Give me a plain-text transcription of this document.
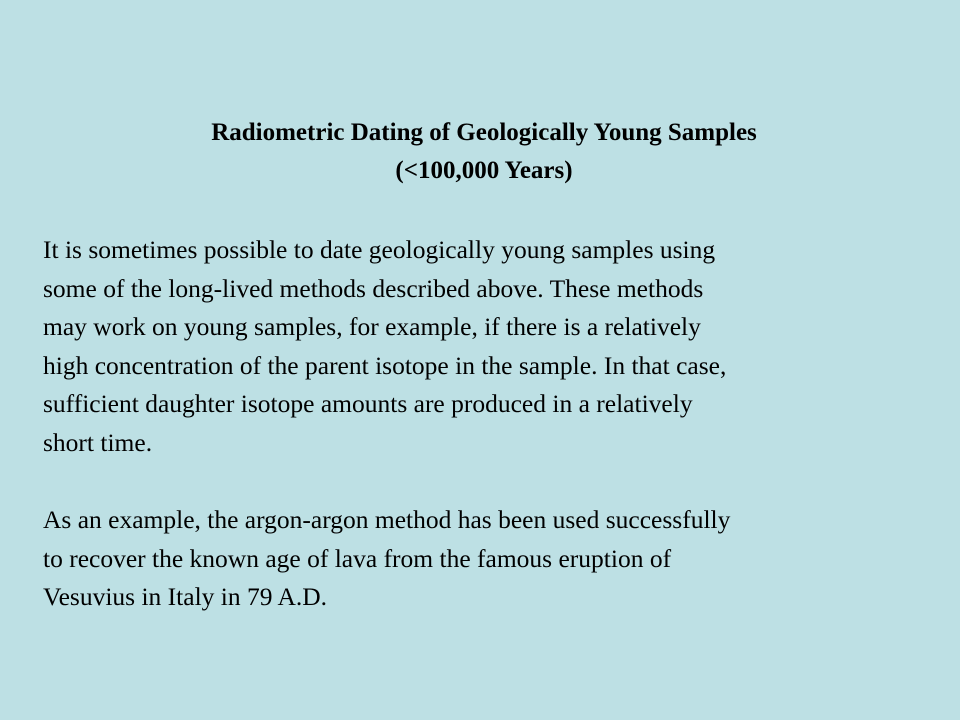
Radiometric Dating of Geologically Young Samples
(<100,000 Years)
It is sometimes possible to date geologically young samples using
some of the long-lived methods described above. These methods
may work on young samples, for example, if there is a relatively
high concentration of the parent isotope in the sample. In that case,
sufficient daughter isotope amounts are produced in a relatively
short time.
As an example, the argon-argon method has been used successfully
to recover the known age of lava from the famous eruption of
Vesuvius in Italy in 79 A.D.
